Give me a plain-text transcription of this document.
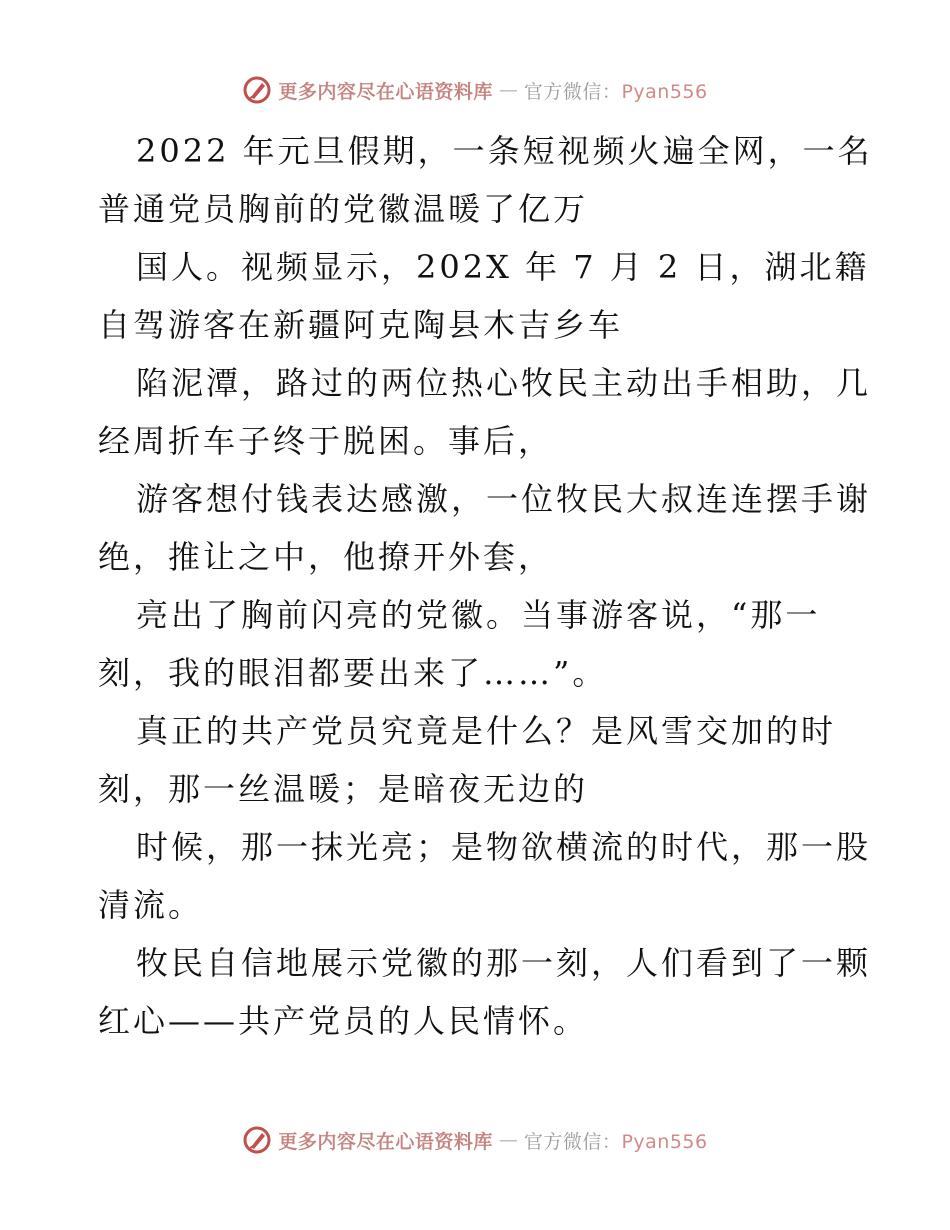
更多内容尽在心语资料库 — 官方微信：Pyan556
2022 年元旦假期，一条短视频火遍全网，一名
普通党员胸前的党徽温暖了亿万
国人。视频显示，202X 年 7 月 2 日，湖北籍
自驾游客在新疆阿克陶县木吉乡车
陷泥潭，路过的两位热心牧民主动出手相助，几
经周折车子终于脱困。事后，
游客想付钱表达感激，一位牧民大叔连连摆手谢
绝，推让之中，他撩开外套，
亮出了胸前闪亮的党徽。当事游客说，“那一
刻，我的眼泪都要出来了……”。
真正的共产党员究竟是什么？是风雪交加的时
刻，那一丝温暖；是暗夜无边的
时候，那一抹光亮；是物欲横流的时代，那一股
清流。
牧民自信地展示党徽的那一刻，人们看到了一颗
红心——共产党员的人民情怀。
更多内容尽在心语资料库 — 官方微信：Pyan556
